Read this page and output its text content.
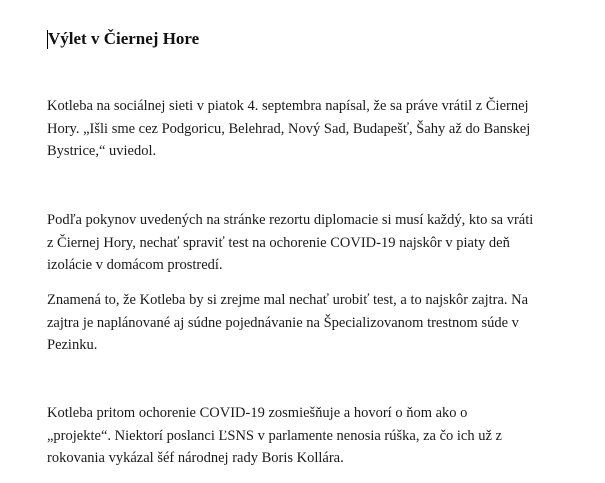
Výlet v Čiernej Hore

Kotleba na sociálnej sieti v piatok 4. septembra napísal, že sa práve vrátil z Čiernej
Hory. „Išli sme cez Podgoricu, Belehrad, Nový Sad, Budapešť, Šahy až do Banskej
Bystrice,“ uviedol.

Podľa pokynov uvedených na stránke rezortu diplomacie si musí každý, kto sa vráti
z Čiernej Hory, nechať spraviť test na ochorenie COVID-19 najskôr v piaty deň
izolácie v domácom prostredí.

Znamená to, že Kotleba by si zrejme mal nechať urobiť test, a to najskôr zajtra. Na
zajtra je naplánované aj súdne pojednávanie na Špecializovanom trestnom súde v
Pezinku.

Kotleba pritom ochorenie COVID-19 zosmiešňuje a hovorí o ňom ako o
„projekte“. Niektorí poslanci ĽSNS v parlamente nenosia rúška, za čo ich už z
rokovania vykázal šéf národnej rady Boris Kollára.
